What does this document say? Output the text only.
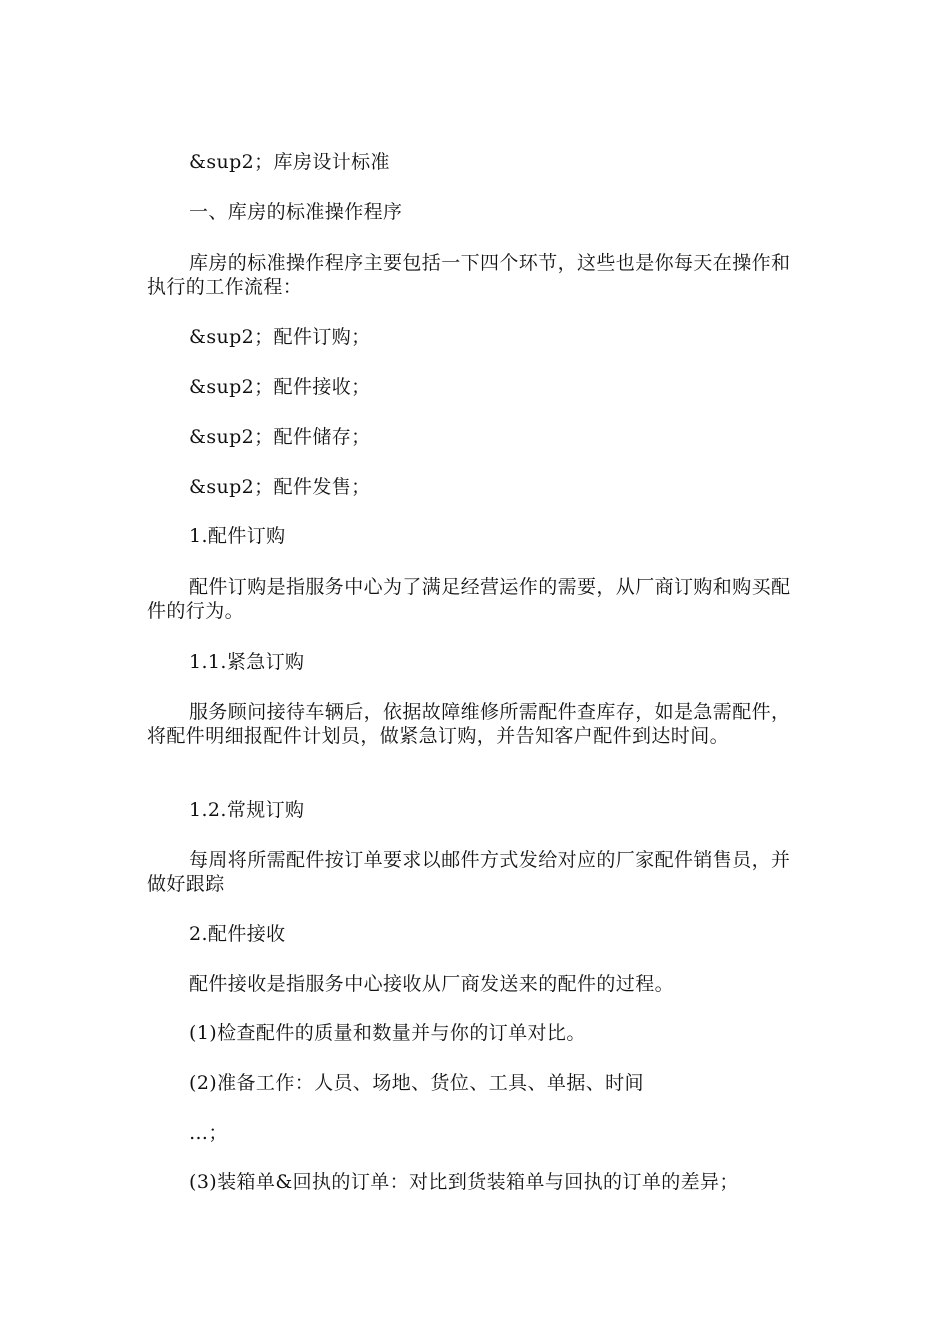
&sup2；库房设计标准

一、库房的标准操作程序

库房的标准操作程序主要包括一下四个环节，这些也是你每天在操作和执行的工作流程：

&sup2；配件订购；

&sup2；配件接收；

&sup2；配件储存；

&sup2；配件发售；

1.配件订购

配件订购是指服务中心为了满足经营运作的需要，从厂商订购和购买配件的行为。

1.1.紧急订购

服务顾问接待车辆后，依据故障维修所需配件查库存，如是急需配件，将配件明细报配件计划员，做紧急订购，并告知客户配件到达时间。

1.2.常规订购

每周将所需配件按订单要求以邮件方式发给对应的厂家配件销售员，并做好跟踪

2.配件接收

配件接收是指服务中心接收从厂商发送来的配件的过程。

(1)检查配件的质量和数量并与你的订单对比。

(2)准备工作：人员、场地、货位、工具、单据、时间

…；

(3)装箱单&回执的订单：对比到货装箱单与回执的订单的差异；
